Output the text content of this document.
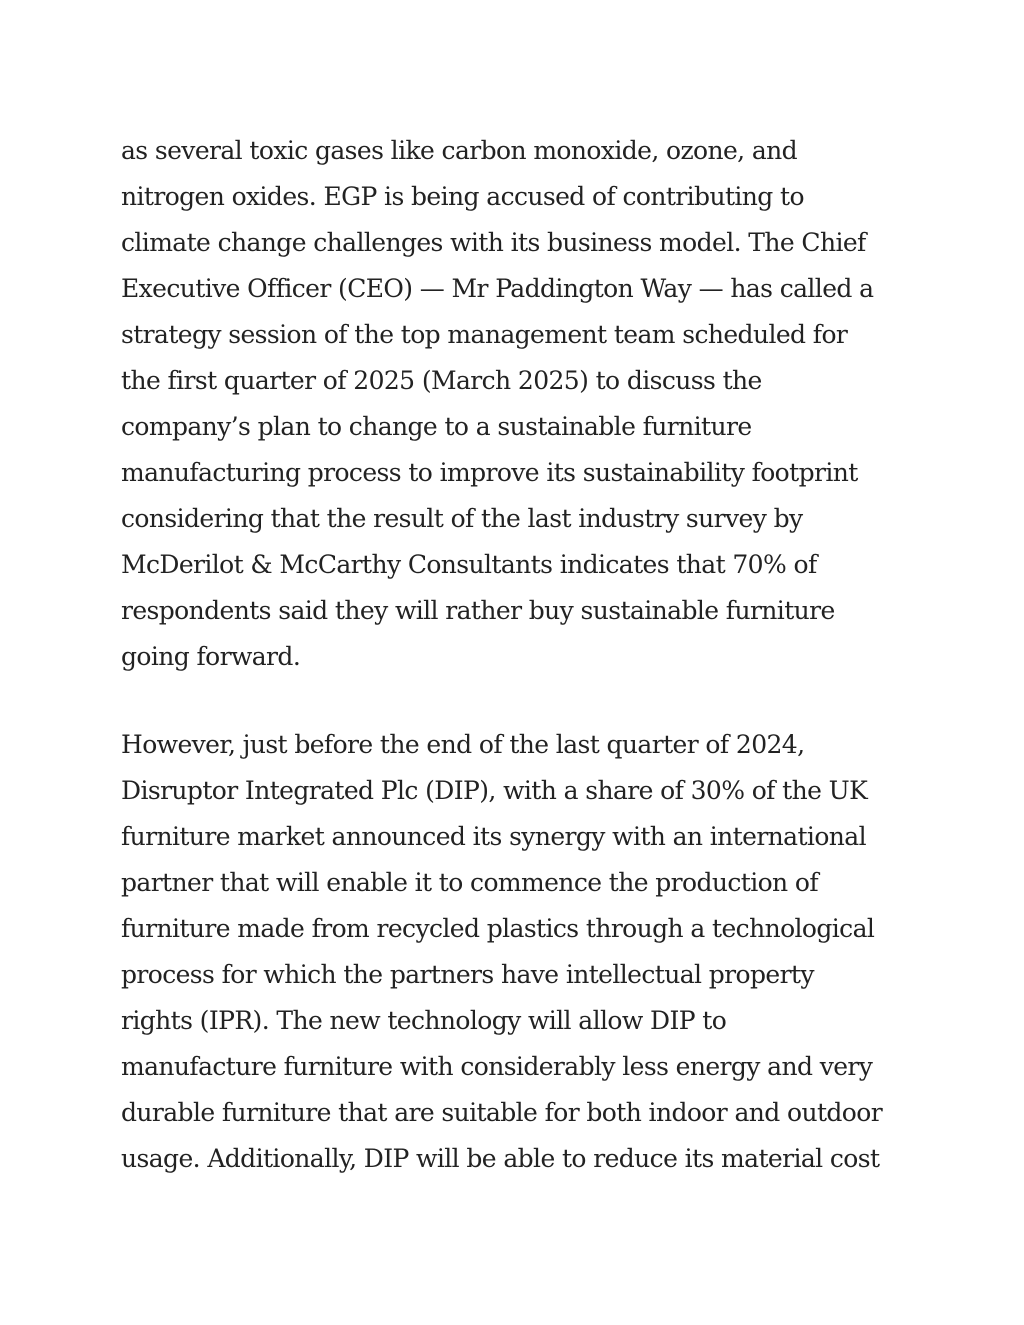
as several toxic gases like carbon monoxide, ozone, and
nitrogen oxides. EGP is being accused of contributing to
climate change challenges with its business model. The Chief
Executive Officer (CEO) — Mr Paddington Way — has called a
strategy session of the top management team scheduled for
the first quarter of 2025 (March 2025) to discuss the
company’s plan to change to a sustainable furniture
manufacturing process to improve its sustainability footprint
considering that the result of the last industry survey by
McDerilot & McCarthy Consultants indicates that 70% of
respondents said they will rather buy sustainable furniture
going forward.

However, just before the end of the last quarter of 2024,
Disruptor Integrated Plc (DIP), with a share of 30% of the UK
furniture market announced its synergy with an international
partner that will enable it to commence the production of
furniture made from recycled plastics through a technological
process for which the partners have intellectual property
rights (IPR). The new technology will allow DIP to
manufacture furniture with considerably less energy and very
durable furniture that are suitable for both indoor and outdoor
usage. Additionally, DIP will be able to reduce its material cost
